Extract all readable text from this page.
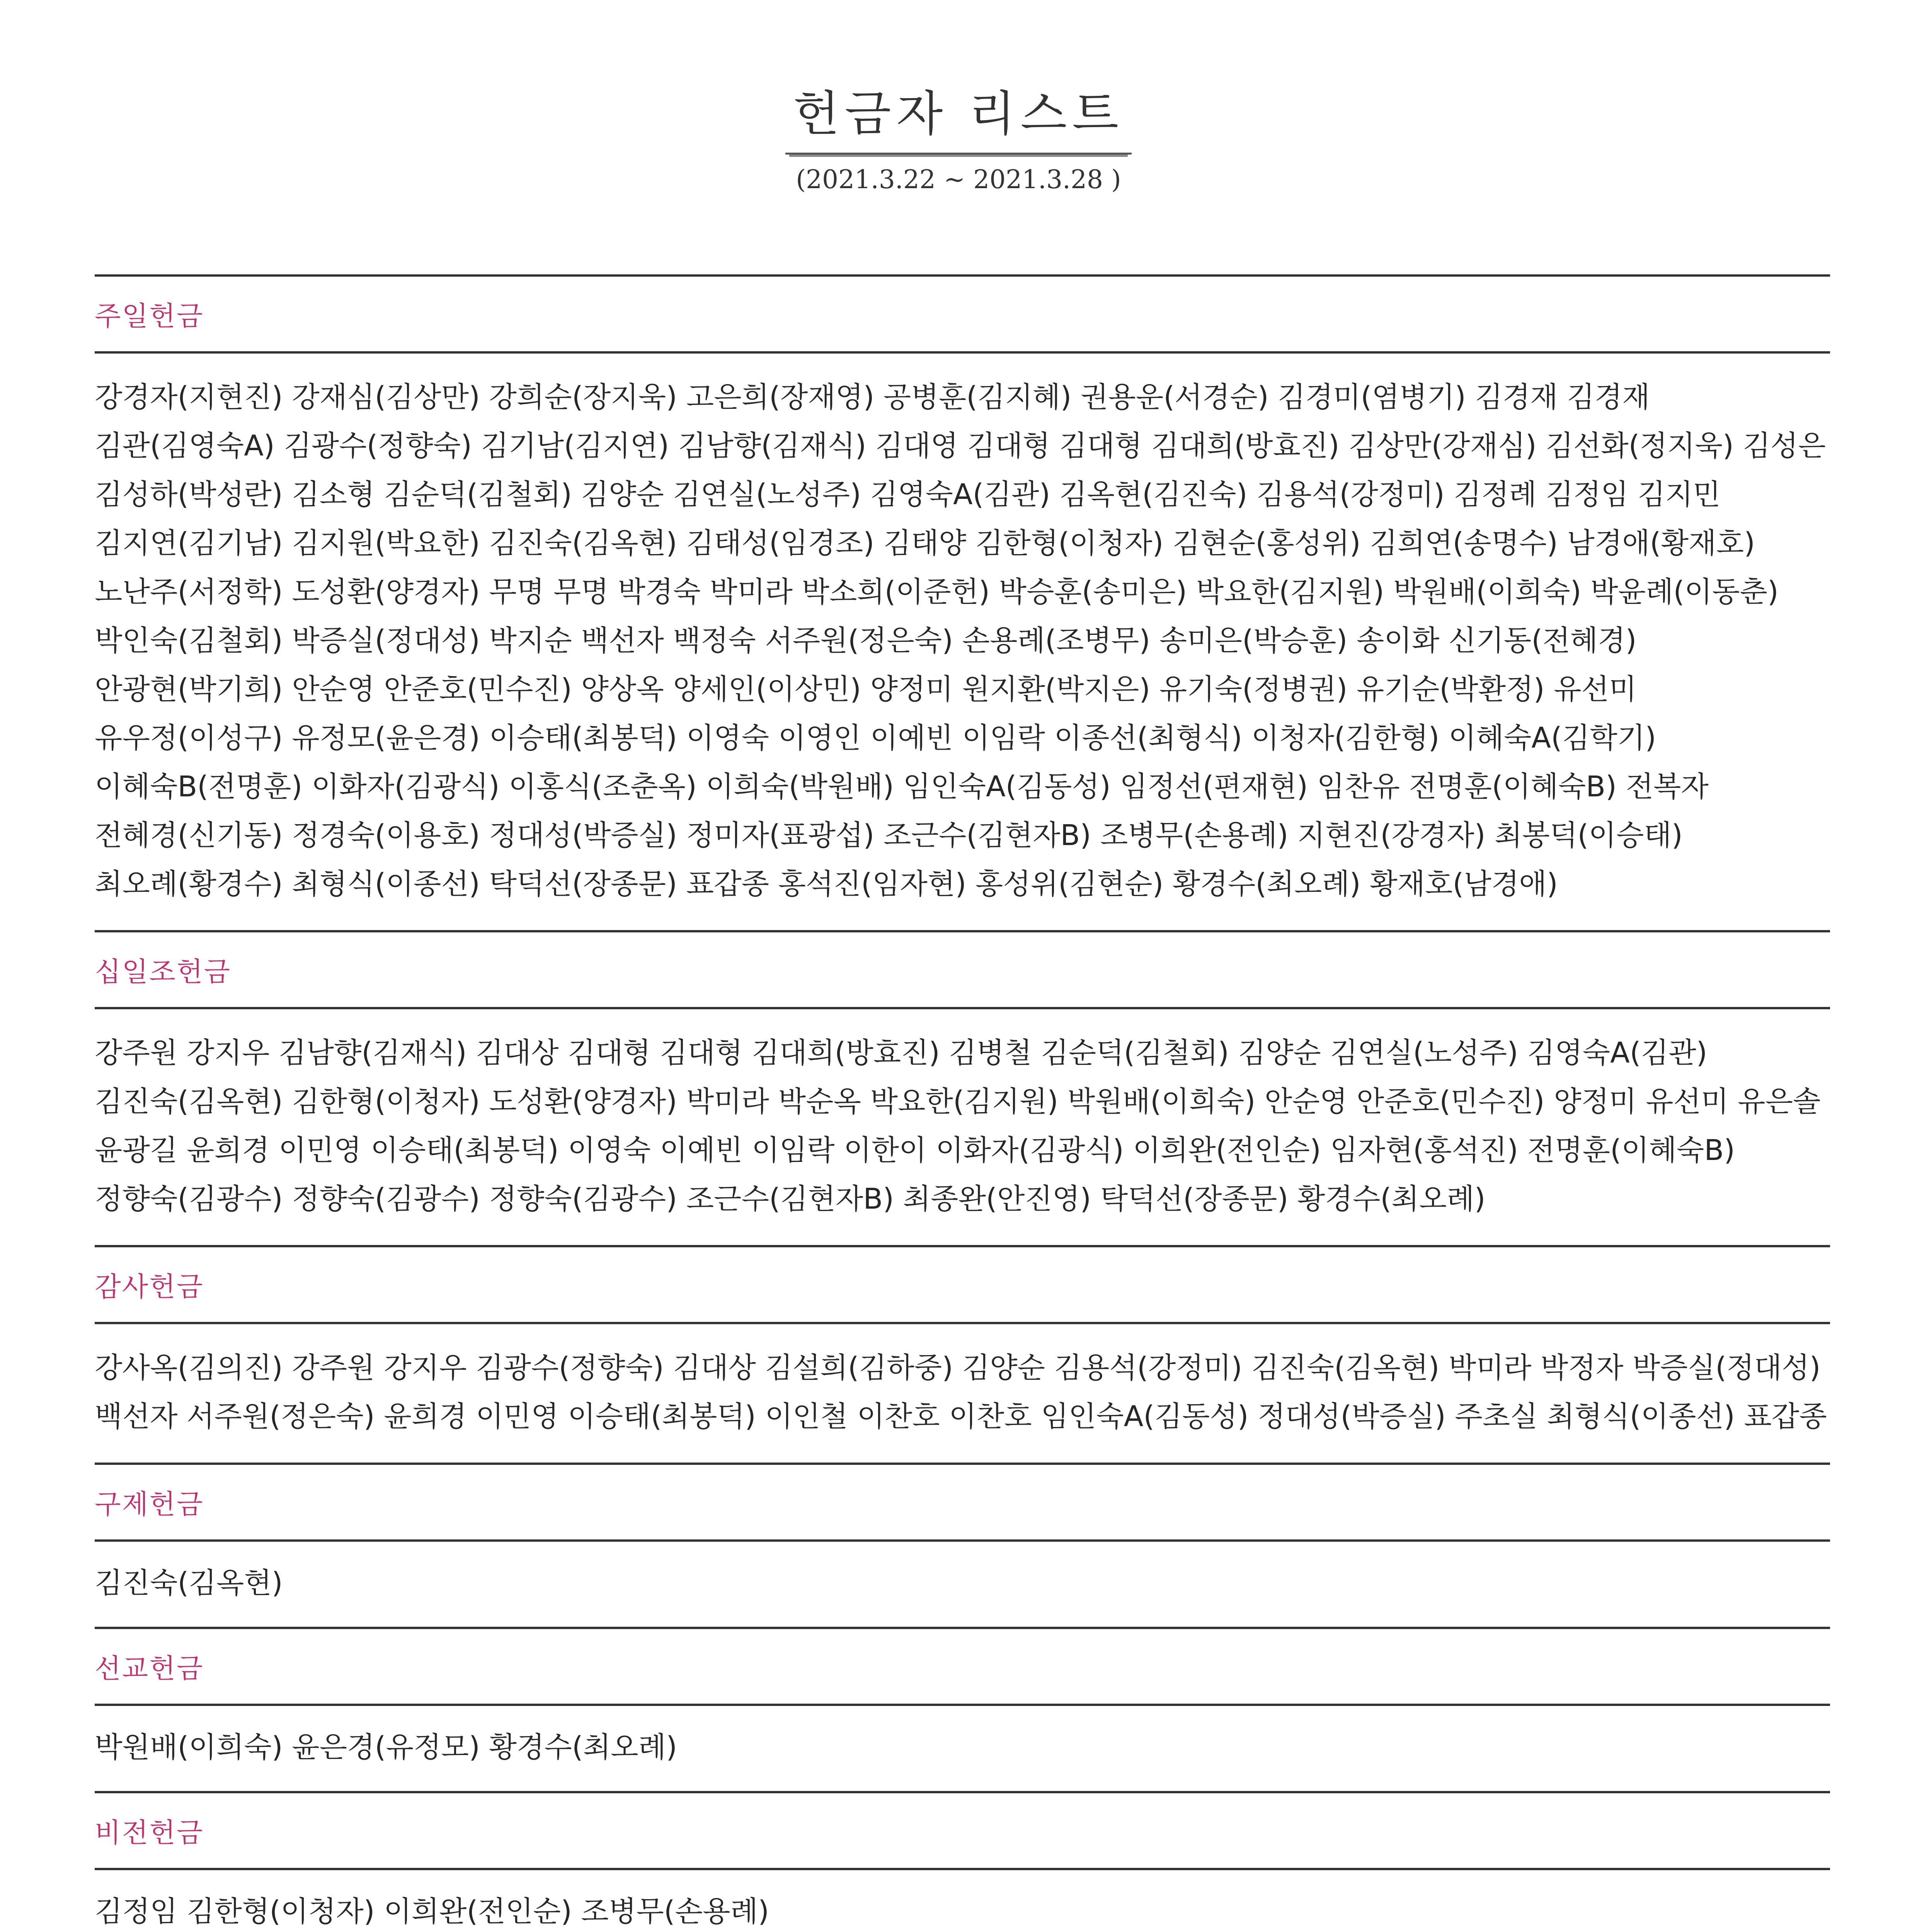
헌금자 리스트
(2021.3.22 ~ 2021.3.28 )
주일헌금
강경자(지현진) 강재심(김상만) 강희순(장지욱) 고은희(장재영) 공병훈(김지혜) 권용운(서경순) 김경미(염병기) 김경재 김경재 김관(김영숙A) 김광수(정향숙) 김기남(김지연) 김남향(김재식) 김대영 김대형 김대형 김대희(방효진) 김상만(강재심) 김선화(정지욱) 김성은 김성하(박성란) 김소형 김순덕(김철회) 김양순 김연실(노성주) 김영숙A(김관) 김옥현(김진숙) 김용석(강정미) 김정례 김정임 김지민 김지연(김기남) 김지원(박요한) 김진숙(김옥현) 김태성(임경조) 김태양 김한형(이청자) 김현순(홍성위) 김희연(송명수) 남경애(황재호) 노난주(서정학) 도성환(양경자) 무명 무명 박경숙 박미라 박소희(이준헌) 박승훈(송미은) 박요한(김지원) 박원배(이희숙) 박윤례(이동춘) 박인숙(김철회) 박증실(정대성) 박지순 백선자 백정숙 서주원(정은숙) 손용례(조병무) 송미은(박승훈) 송이화 신기동(전혜경) 안광현(박기희) 안순영 안준호(민수진) 양상옥 양세인(이상민) 양정미 원지환(박지은) 유기숙(정병권) 유기순(박환정) 유선미 유우정(이성구) 유정모(윤은경) 이승태(최봉덕) 이영숙 이영인 이예빈 이임락 이종선(최형식) 이청자(김한형) 이혜숙A(김학기) 이혜숙B(전명훈) 이화자(김광식) 이홍식(조춘옥) 이희숙(박원배) 임인숙A(김동성) 임정선(편재현) 임찬유 전명훈(이혜숙B) 전복자 전혜경(신기동) 정경숙(이용호) 정대성(박증실) 정미자(표광섭) 조근수(김현자B) 조병무(손용례) 지현진(강경자) 최봉덕(이승태) 최오례(황경수) 최형식(이종선) 탁덕선(장종문) 표갑종 홍석진(임자현) 홍성위(김현순) 황경수(최오례) 황재호(남경애)
십일조헌금
강주원 강지우 김남향(김재식) 김대상 김대형 김대형 김대희(방효진) 김병철 김순덕(김철회) 김양순 김연실(노성주) 김영숙A(김관) 김진숙(김옥현) 김한형(이청자) 도성환(양경자) 박미라 박순옥 박요한(김지원) 박원배(이희숙) 안순영 안준호(민수진) 양정미 유선미 유은솔 윤광길 윤희경 이민영 이승태(최봉덕) 이영숙 이예빈 이임락 이한이 이화자(김광식) 이희완(전인순) 임자현(홍석진) 전명훈(이혜숙B) 정향숙(김광수) 정향숙(김광수) 정향숙(김광수) 조근수(김현자B) 최종완(안진영) 탁덕선(장종문) 황경수(최오례)
감사헌금
강사옥(김의진) 강주원 강지우 김광수(정향숙) 김대상 김설희(김하중) 김양순 김용석(강정미) 김진숙(김옥현) 박미라 박정자 박증실(정대성) 백선자 서주원(정은숙) 윤희경 이민영 이승태(최봉덕) 이인철 이찬호 이찬호 임인숙A(김동성) 정대성(박증실) 주초실 최형식(이종선) 표갑종
구제헌금
김진숙(김옥현)
선교헌금
박원배(이희숙) 윤은경(유정모) 황경수(최오례)
비전헌금
김정임 김한형(이청자) 이희완(전인순) 조병무(손용례)
